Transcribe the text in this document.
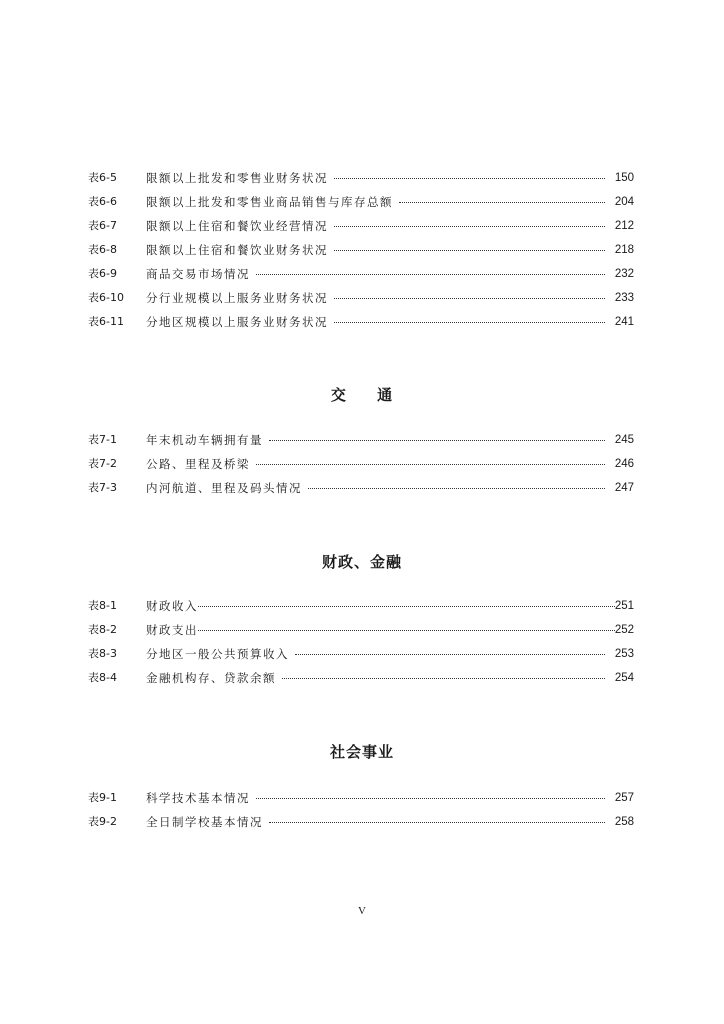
表6-5	限额以上批发和零售业财务状况	150
表6-6	限额以上批发和零售业商品销售与库存总额	204
表6-7	限额以上住宿和餐饮业经营情况	212
表6-8	限额以上住宿和餐饮业财务状况	218
表6-9	商品交易市场情况	232
表6-10	分行业规模以上服务业财务状况	233
表6-11	分地区规模以上服务业财务状况	241
交 通
表7-1	年末机动车辆拥有量	245
表7-2	公路、里程及桥梁	246
表7-3	内河航道、里程及码头情况	247
财政、金融
表8-1	财政收入	251
表8-2	财政支出	252
表8-3	分地区一般公共预算收入	253
表8-4	金融机构存、贷款余额	254
社会事业
表9-1	科学技术基本情况	257
表9-2	全日制学校基本情况	258
V
